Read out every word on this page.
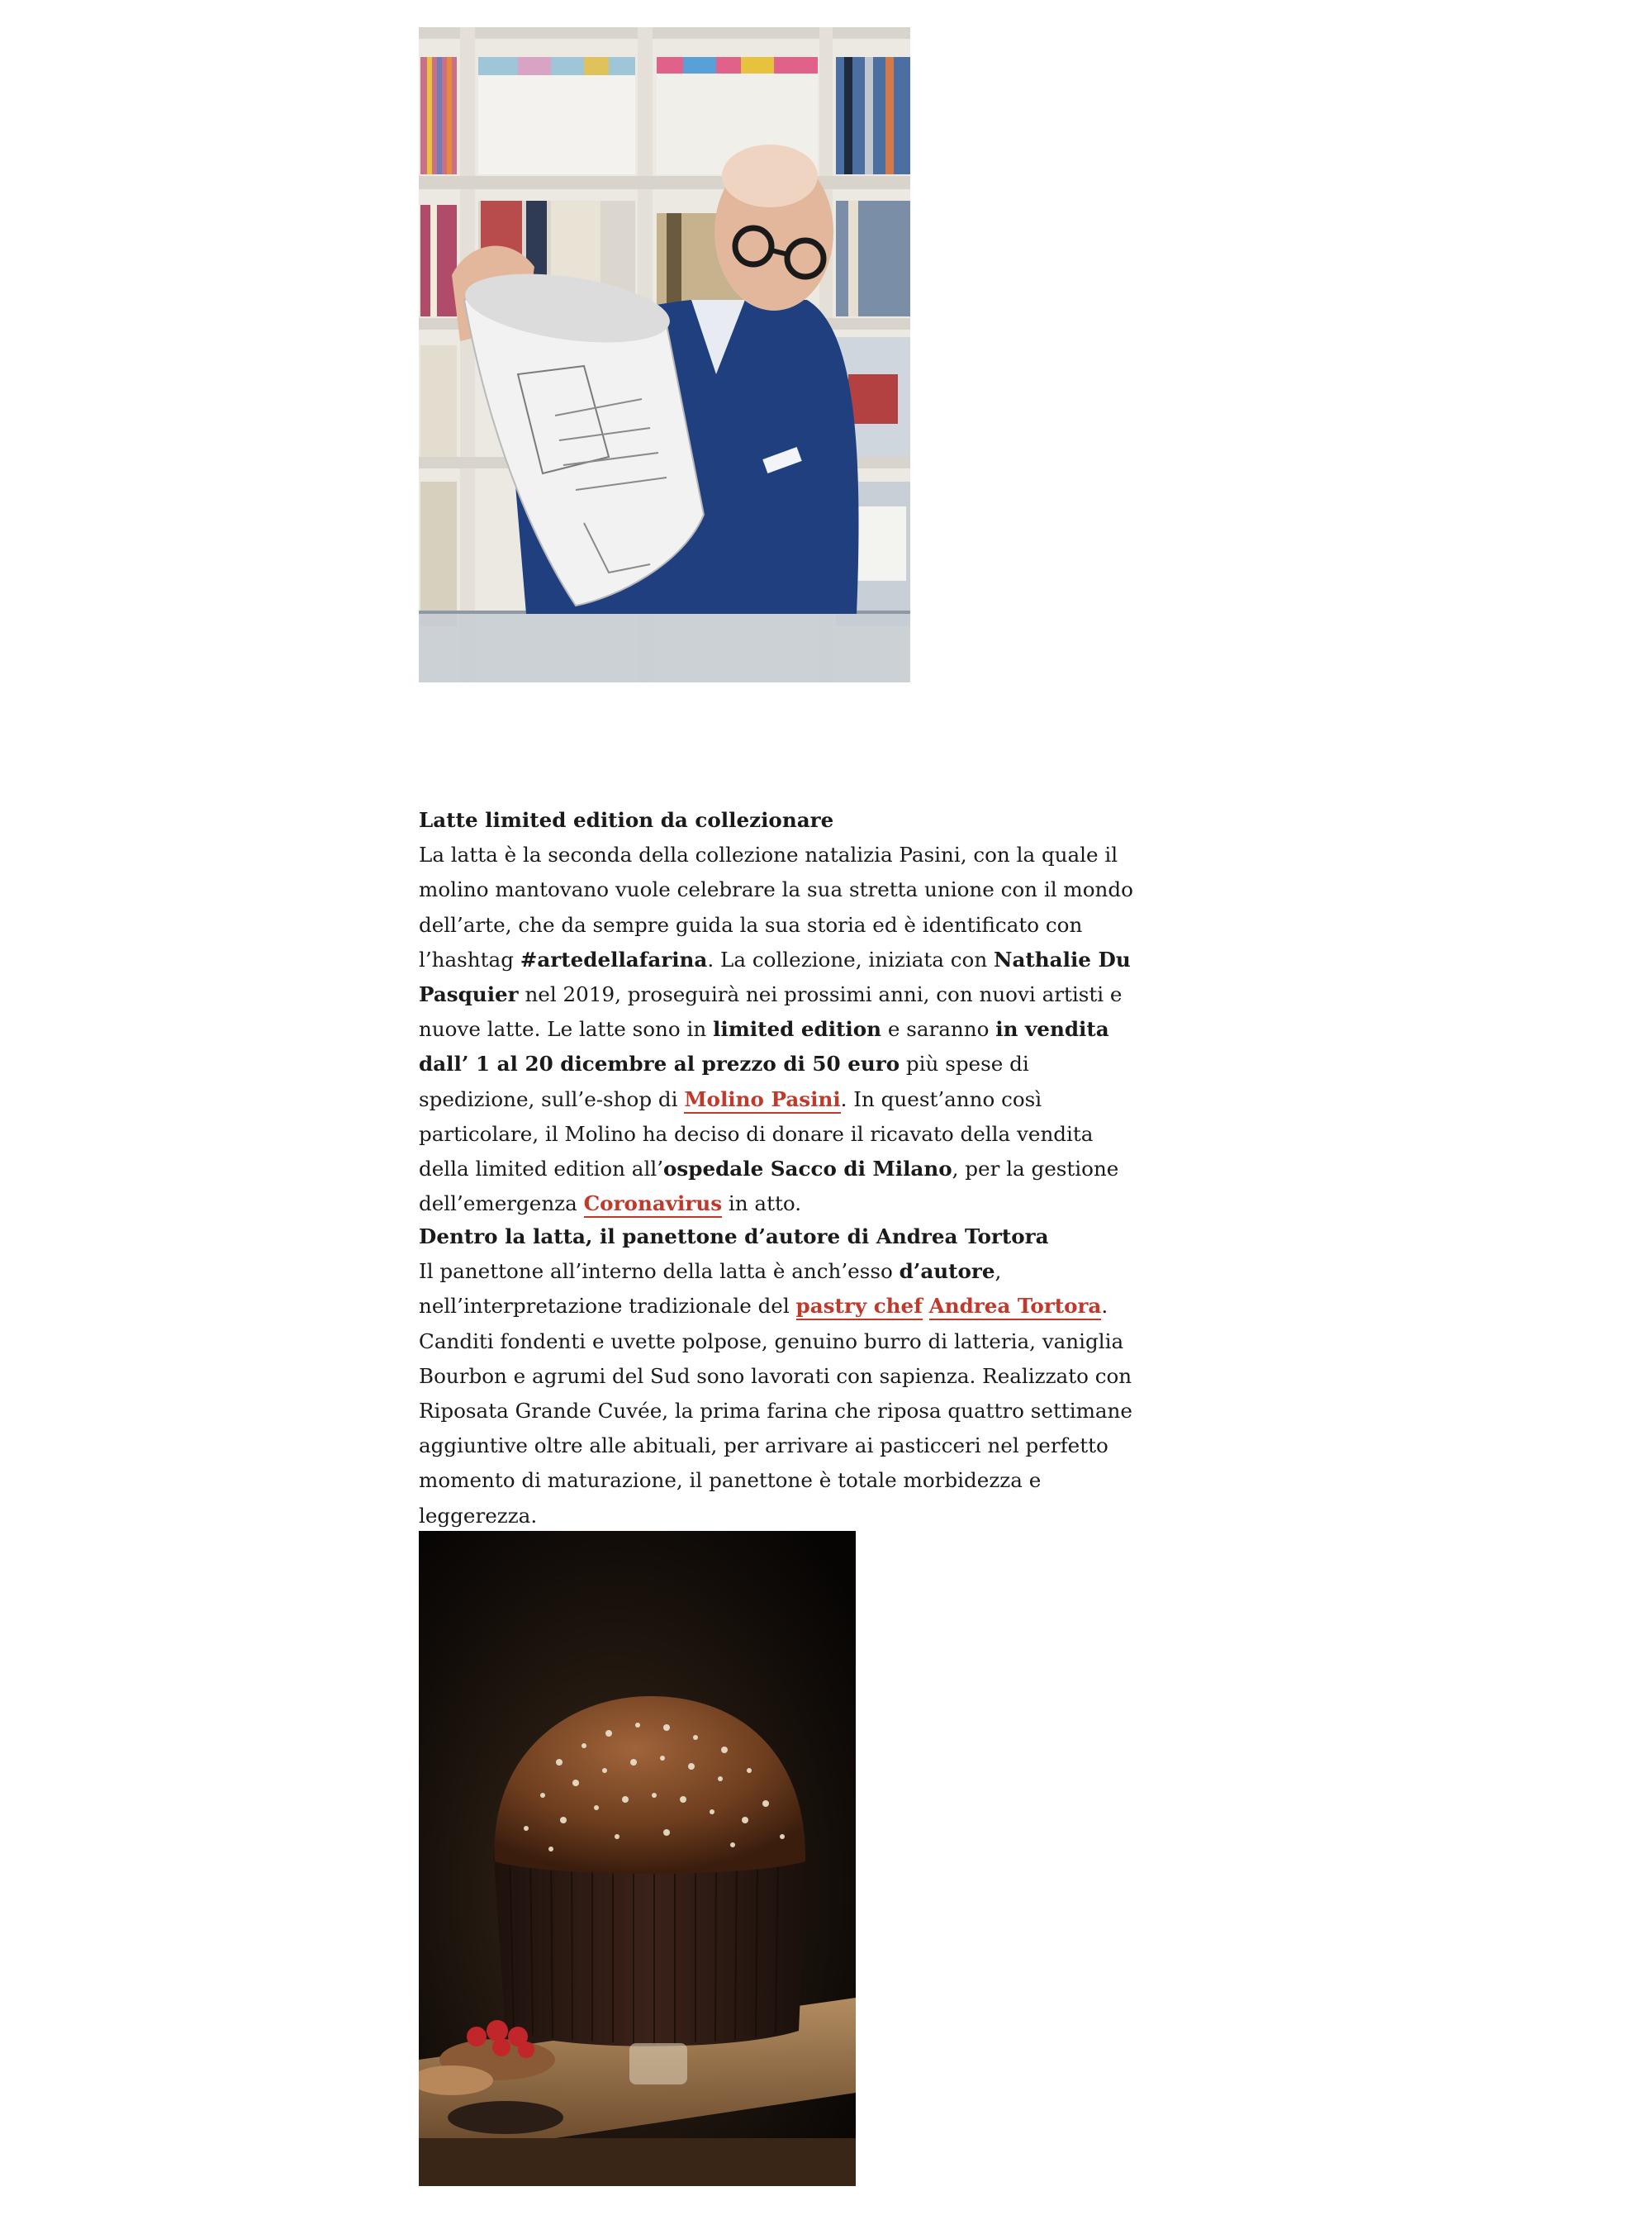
Latte limited edition da collezionare

La latta è la seconda della collezione natalizia Pasini, con la quale il molino mantovano vuole celebrare la sua stretta unione con il mondo dell’arte, che da sempre guida la sua storia ed è identificato con l’hashtag #artedellafarina. La collezione, iniziata con Nathalie Du Pasquier nel 2019, proseguirà nei prossimi anni, con nuovi artisti e nuove latte. Le latte sono in limited edition e saranno in vendita dall’ 1 al 20 dicembre al prezzo di 50 euro più spese di spedizione, sull’e-shop di Molino Pasini. In quest’anno così particolare, il Molino ha deciso di donare il ricavato della vendita della limited edition all’ospedale Sacco di Milano, per la gestione dell’emergenza Coronavirus in atto.

Dentro la latta, il panettone d’autore di Andrea Tortora

Il panettone all’interno della latta è anch’esso d’autore, nell’interpretazione tradizionale del pastry chef Andrea Tortora. Canditi fondenti e uvette polpose, genuino burro di latteria, vaniglia Bourbon e agrumi del Sud sono lavorati con sapienza. Realizzato con Riposata Grande Cuvée, la prima farina che riposa quattro settimane aggiuntive oltre alle abituali, per arrivare ai pasticceri nel perfetto momento di maturazione, il panettone è totale morbidezza e leggerezza.
